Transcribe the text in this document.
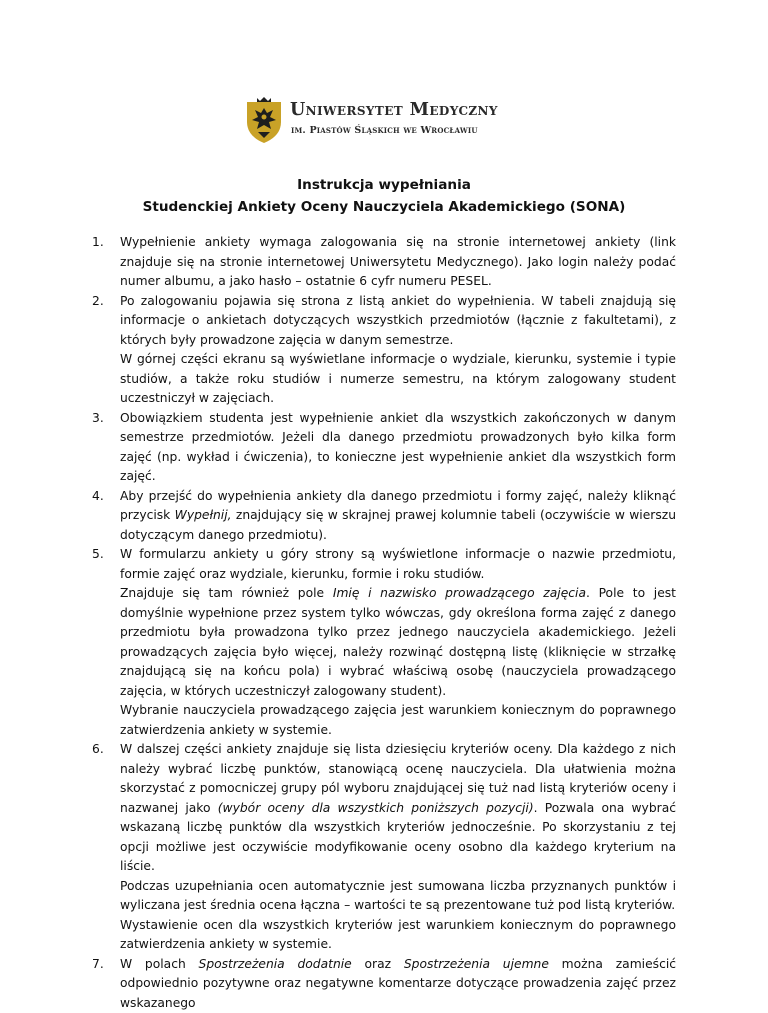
Uniwersytet Medyczny
im. Piastów Śląskich we Wrocławiu
Instrukcja wypełniania
Studenckiej Ankiety Oceny Nauczyciela Akademickiego (SONA)
1.	Wypełnienie ankiety wymaga zalogowania się na stronie internetowej ankiety (link znajduje się na stronie internetowej Uniwersytetu Medycznego). Jako login należy podać numer albumu, a jako hasło – ostatnie 6 cyfr numeru PESEL.

2.	Po zalogowaniu pojawia się strona z listą ankiet do wypełnienia. W tabeli znajdują się informacje o ankietach dotyczących wszystkich przedmiotów (łącznie z fakultetami), z których były prowadzone zajęcia w danym semestrze.

W górnej części ekranu są wyświetlane informacje o wydziale, kierunku, systemie i typie studiów, a także roku studiów i numerze semestru, na którym zalogowany student uczestniczył w zajęciach.

3.	Obowiązkiem studenta jest wypełnienie ankiet dla wszystkich zakończonych w danym semestrze przedmiotów. Jeżeli dla danego przedmiotu prowadzonych było kilka form zajęć (np. wykład i ćwiczenia), to konieczne jest wypełnienie ankiet dla wszystkich form zajęć.

4.	Aby przejść do wypełnienia ankiety dla danego przedmiotu i formy zajęć, należy kliknąć przycisk Wypełnij, znajdujący się w skrajnej prawej kolumnie tabeli (oczywiście w wierszu dotyczącym danego przedmiotu).

5.	W formularzu ankiety u góry strony są wyświetlone informacje o nazwie przedmiotu, formie zajęć oraz wydziale, kierunku, formie i roku studiów.

Znajduje się tam również pole Imię i nazwisko prowadzącego zajęcia. Pole to jest domyślnie wypełnione przez system tylko wówczas, gdy określona forma zajęć z danego przedmiotu była prowadzona tylko przez jednego nauczyciela akademickiego. Jeżeli prowadzących zajęcia było więcej, należy rozwinąć dostępną listę (kliknięcie w strzałkę znajdującą się na końcu pola) i wybrać właściwą osobę (nauczyciela prowadzącego zajęcia, w których uczestniczył zalogowany student).

Wybranie nauczyciela prowadzącego zajęcia jest warunkiem koniecznym do poprawnego zatwierdzenia ankiety w systemie.

6.	W dalszej części ankiety znajduje się lista dziesięciu kryteriów oceny. Dla każdego z nich należy wybrać liczbę punktów, stanowiącą ocenę nauczyciela. Dla ułatwienia można skorzystać z pomocniczej grupy pól wyboru znajdującej się tuż nad listą kryteriów oceny i nazwanej jako (wybór oceny dla wszystkich poniższych pozycji). Pozwala ona wybrać wskazaną liczbę punktów dla wszystkich kryteriów jednocześnie. Po skorzystaniu z tej opcji możliwe jest oczywiście modyfikowanie oceny osobno dla każdego kryterium na liście.

Podczas uzupełniania ocen automatycznie jest sumowana liczba przyznanych punktów i wyliczana jest średnia ocena łączna – wartości te są prezentowane tuż pod listą kryteriów.

Wystawienie ocen dla wszystkich kryteriów jest warunkiem koniecznym do poprawnego zatwierdzenia ankiety w systemie.

7.	W polach Spostrzeżenia dodatnie oraz Spostrzeżenia ujemne można zamieścić odpowiednio pozytywne oraz negatywne komentarze dotyczące prowadzenia zajęć przez wskazanego
